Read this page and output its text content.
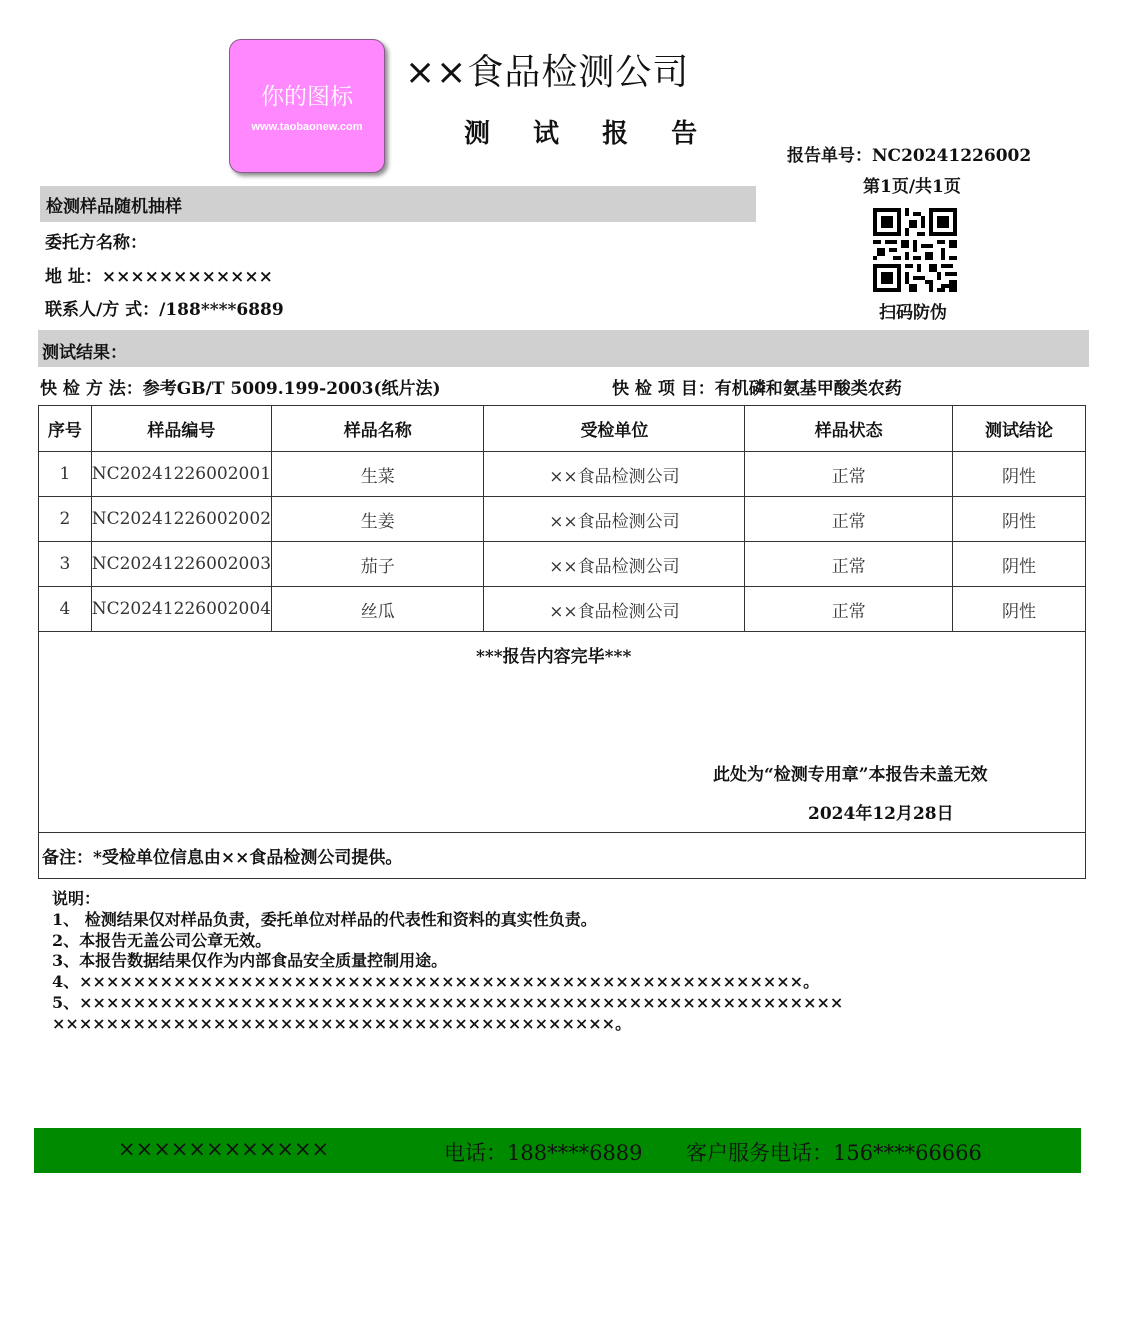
你的图标
www.taobaonew.com
××食品检测公司
测 试 报 告
报告单号：NC20241226002
第1页/共1页
扫码防伪
检测样品随机抽样
委托方名称：
地 址：××××××××××××
联系人/方 式：/188****6889
测试结果：
快 检 方 法：参考GB/T 5009.199-2003(纸片法)	快 检 项 目：有机磷和氨基甲酸类农药
序号	样品编号	样品名称	受检单位	样品状态	测试结论
1	NC20241226002001	生菜	××食品检测公司	正常	阴性
2	NC20241226002002	生姜	××食品检测公司	正常	阴性
3	NC20241226002003	茄子	××食品检测公司	正常	阴性
4	NC20241226002004	丝瓜	××食品检测公司	正常	阴性
***报告内容完毕***
此处为“检测专用章”本报告未盖无效
2024年12月28日
备注：*受检单位信息由××食品检测公司提供。
说明：
1、 检测结果仅对样品负责，委托单位对样品的代表性和资料的真实性负责。
2、本报告无盖公司公章无效。
3、本报告数据结果仅作为内部食品安全质量控制用途。
4、××××××××××××××××××××××××××××××××××××××××××××××××××××××。
5、×××××××××××××××××××××××××××××××××××××××××××××××××××××××××
××××××××××××××××××××××××××××××××××××××××××。
××××××××××××	电话：188****6889 客户服务电话：156****66666
